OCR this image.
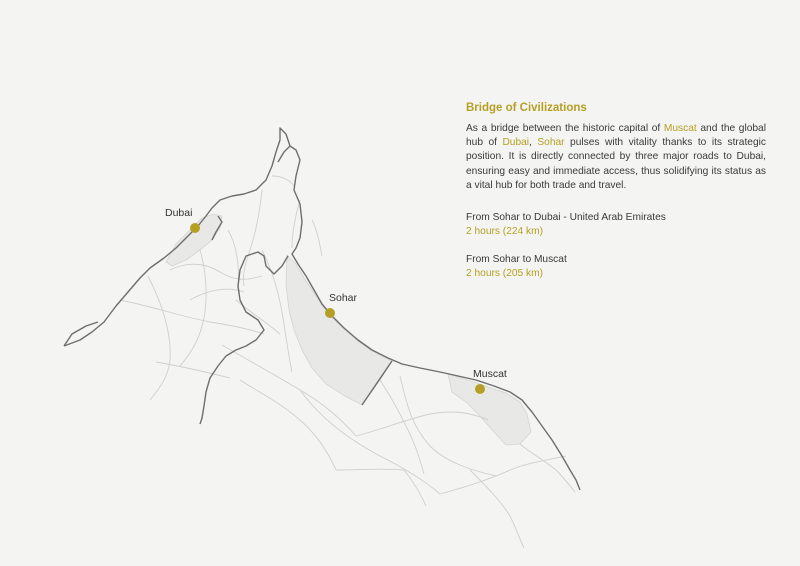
Dubai
Sohar
Muscat

Bridge of Civilizations

As a bridge between the historic capital of Muscat and the global hub of Dubai, Sohar pulses with vitality thanks to its strategic position. It is directly connected by three major roads to Dubai, ensuring easy and immediate access, thus solidifying its status as a vital hub for both trade and travel.

From Sohar to Dubai - United Arab Emirates
2 hours (224 km)
From Sohar to Muscat
2 hours (205 km)
